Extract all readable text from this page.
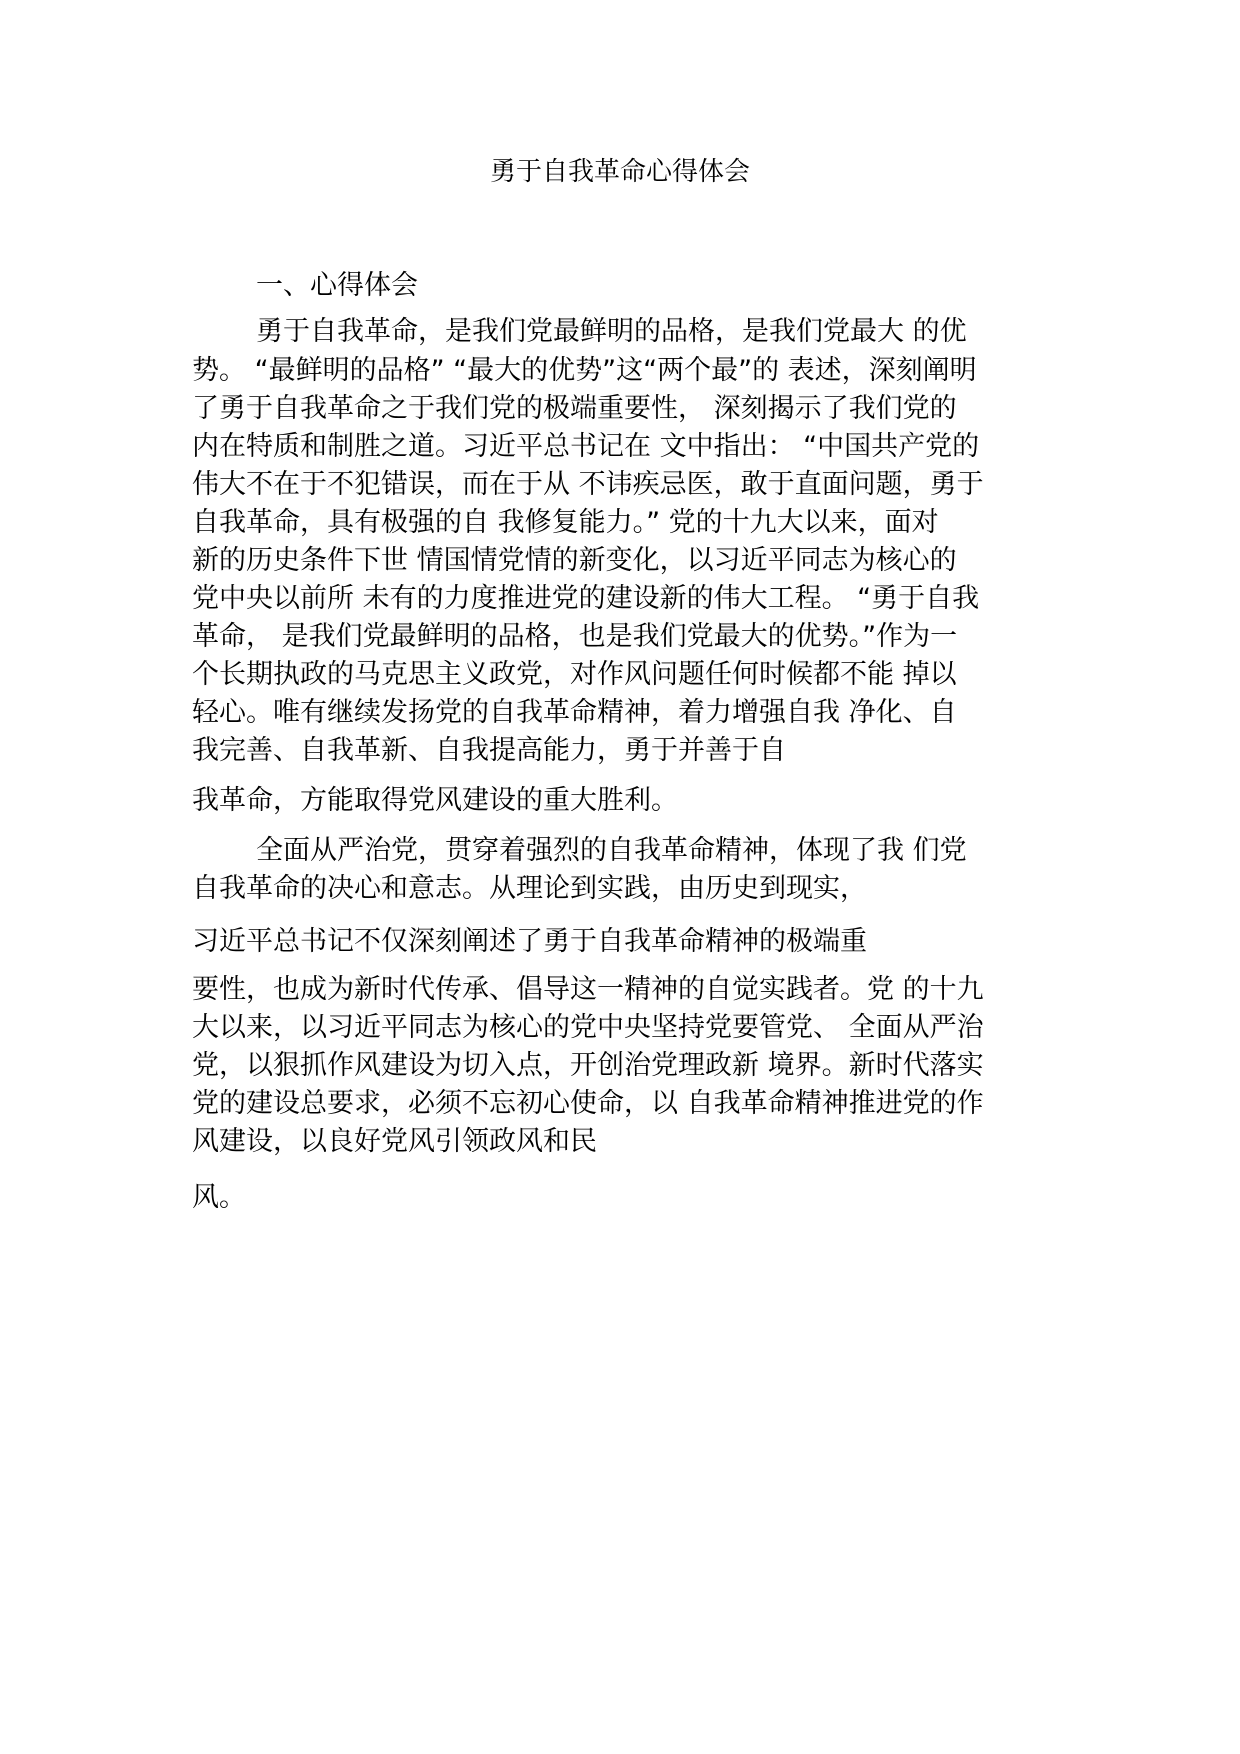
勇于自我革命心得体会
一、心得体会
勇于自我革命，是我们党最鲜明的品格，是我们党最大 的优
势。 “最鲜明的品格” “最大的优势”这“两个最”的 表述，深刻阐明
了勇于自我革命之于我们党的极端重要性， 深刻揭示了我们党的
内在特质和制胜之道。习近平总书记在 文中指出： “中国共产党的
伟大不在于不犯错误，而在于从 不讳疾忌医，敢于直面问题，勇于
自我革命，具有极强的自 我修复能力。” 党的十九大以来，面对
新的历史条件下世 情国情党情的新变化，以习近平同志为核心的
党中央以前所 未有的力度推进党的建设新的伟大工程。 “勇于自我
革命， 是我们党最鲜明的品格，也是我们党最大的优势。”作为一
个长期执政的马克思主义政党，对作风问题任何时候都不能 掉以
轻心。唯有继续发扬党的自我革命精神，着力增强自我 净化、自
我完善、自我革新、自我提高能力，勇于并善于自
我革命，方能取得党风建设的重大胜利。
全面从严治党，贯穿着强烈的自我革命精神，体现了我 们党
自我革命的决心和意志。从理论到实践，由历史到现实，
习近平总书记不仅深刻阐述了勇于自我革命精神的极端重
要性，也成为新时代传承、倡导这一精神的自觉实践者。党 的十九
大以来，以习近平同志为核心的党中央坚持党要管党、 全面从严治
党，以狠抓作风建设为切入点，开创治党理政新 境界。新时代落实
党的建设总要求，必须不忘初心使命，以 自我革命精神推进党的作
风建设，以良好党风引领政风和民
风。
